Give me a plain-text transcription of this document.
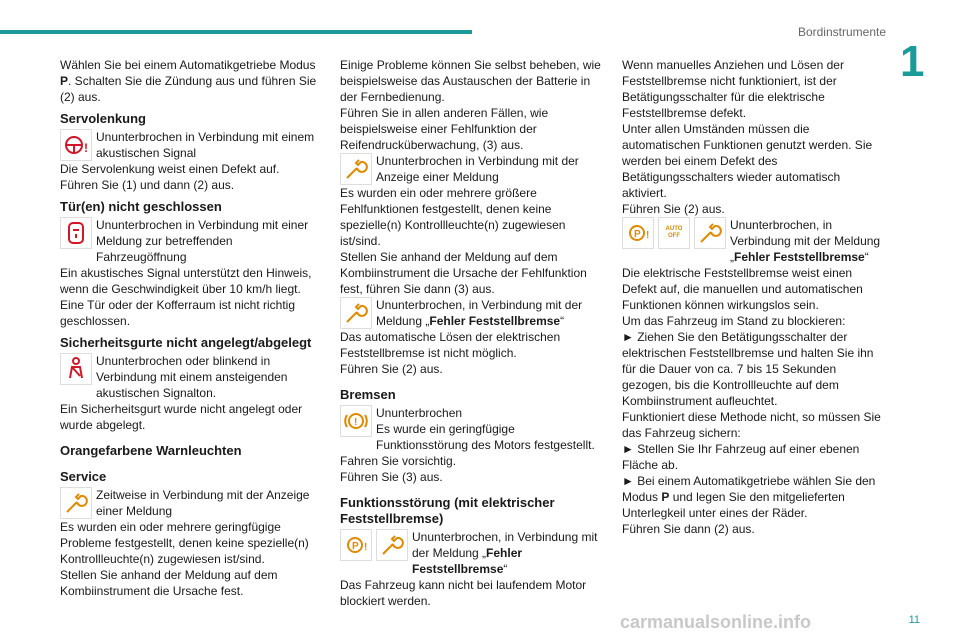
Bordinstrumente
1

Wählen Sie bei einem Automatikgetriebe Modus P. Schalten Sie die Zündung aus und führen Sie (2) aus.

Servolenkung
!

Ununterbrochen in Verbindung mit einem akustischen Signal

Die Servolenkung weist einen Defekt auf.

Führen Sie (1) und dann (2) aus.

Tür(en) nicht geschlossen

Ununterbrochen in Verbindung mit einer Meldung zur betreffenden Fahrzeugöffnung

Ein akustisches Signal unterstützt den Hinweis, wenn die Geschwindigkeit über 10 km/h liegt.

Eine Tür oder der Kofferraum ist nicht richtig geschlossen.

Sicherheitsgurte nicht angelegt/abgelegt

Ununterbrochen oder blinkend in Verbindung mit einem ansteigenden akustischen Signalton.

Ein Sicherheitsgurt wurde nicht angelegt oder wurde abgelegt.

Orangefarbene Warnleuchten
Service

Zeitweise in Verbindung mit der Anzeige einer Meldung

Es wurden ein oder mehrere geringfügige Probleme festgestellt, denen keine spezielle(n) Kontrollleuchte(n) zugewiesen ist/sind.

Stellen Sie anhand der Meldung auf dem Kombiinstrument die Ursache fest.

Einige Probleme können Sie selbst beheben, wie beispielsweise das Austauschen der Batterie in der Fernbedienung.

Führen Sie in allen anderen Fällen, wie beispielsweise einer Fehlfunktion der Reifendrucküberwachung, (3) aus.

Ununterbrochen in Verbindung mit der Anzeige einer Meldung

Es wurden ein oder mehrere größere Fehlfunktionen festgestellt, denen keine spezielle(n) Kontrollleuchte(n) zugewiesen ist/sind.

Stellen Sie anhand der Meldung auf dem Kombiinstrument die Ursache der Fehlfunktion fest, führen Sie dann (3) aus.

Ununterbrochen, in Verbindung mit der Meldung „Fehler Feststellbremse“

Das automatische Lösen der elektrischen Feststellbremse ist nicht möglich.

Führen Sie (2) aus.

Bremsen
!

Ununterbrochen

Es wurde ein geringfügige Funktionsstörung des Motors festgestellt.

Fahren Sie vorsichtig.

Führen Sie (3) aus.

Funktionsstörung (mit elektrischer Feststellbremse)
P !

Ununterbrochen, in Verbindung mit der Meldung „Fehler Feststellbremse“

Das Fahrzeug kann nicht bei laufendem Motor blockiert werden.

Wenn manuelles Anziehen und Lösen der Feststellbremse nicht funktioniert, ist der Betätigungsschalter für die elektrische Feststellbremse defekt.

Unter allen Umständen müssen die automatischen Funktionen genutzt werden. Sie werden bei einem Defekt des Betätigungsschalters wieder automatisch aktiviert.

Führen Sie (2) aus.

P !
AUTO OFF

Ununterbrochen, in Verbindung mit der Meldung „Fehler Feststellbremse“

Die elektrische Feststellbremse weist einen Defekt auf, die manuellen und automatischen Funktionen können wirkungslos sein.

Um das Fahrzeug im Stand zu blockieren:

► Ziehen Sie den Betätigungsschalter der elektrischen Feststellbremse und halten Sie ihn für die Dauer von ca. 7 bis 15 Sekunden gezogen, bis die Kontrollleuchte auf dem Kombiinstrument aufleuchtet.

Funktioniert diese Methode nicht, so müssen Sie das Fahrzeug sichern:

► Stellen Sie Ihr Fahrzeug auf einer ebenen Fläche ab.

► Bei einem Automatikgetriebe wählen Sie den Modus P und legen Sie den mitgelieferten Unterlegkeil unter eines der Räder.

Führen Sie dann (2) aus.

carmanualsonline.info	11
